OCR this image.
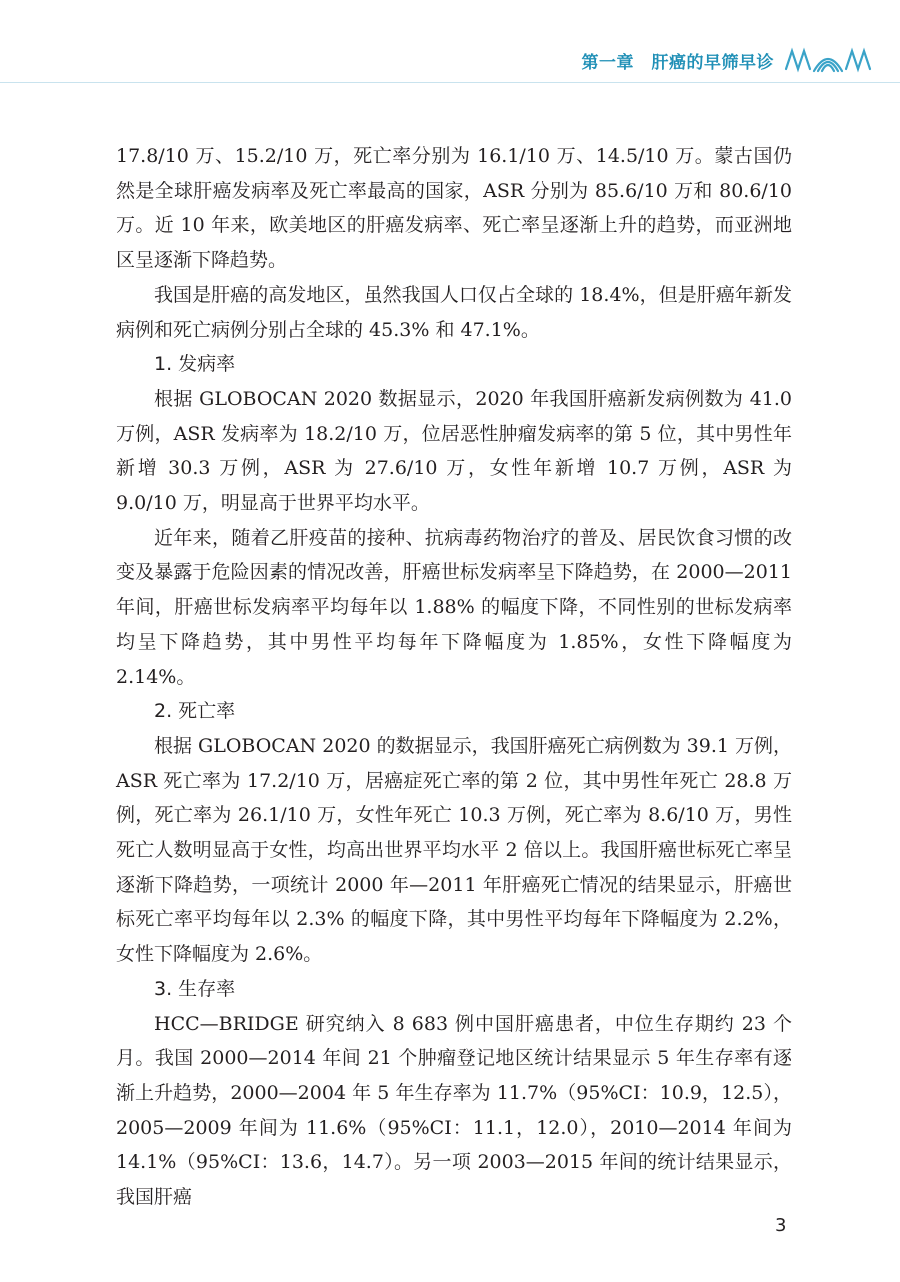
第一章　肝癌的早筛早诊

17.8/10 万、15.2/10 万，死亡率分别为 16.1/10 万、14.5/10 万。蒙古国仍然是全球肝癌发病率及死亡率最高的国家，ASR 分别为 85.6/10 万和 80.6/10 万。近 10 年来，欧美地区的肝癌发病率、死亡率呈逐渐上升的趋势，而亚洲地区呈逐渐下降趋势。

我国是肝癌的高发地区，虽然我国人口仅占全球的 18.4%，但是肝癌年新发病例和死亡病例分别占全球的 45.3% 和 47.1%。

1. 发病率

根据 GLOBOCAN 2020 数据显示，2020 年我国肝癌新发病例数为 41.0 万例，ASR 发病率为 18.2/10 万，位居恶性肿瘤发病率的第 5 位，其中男性年新增 30.3 万例，ASR 为 27.6/10 万，女性年新增 10.7 万例，ASR 为 9.0/10 万，明显高于世界平均水平。

近年来，随着乙肝疫苗的接种、抗病毒药物治疗的普及、居民饮食习惯的改变及暴露于危险因素的情况改善，肝癌世标发病率呈下降趋势，在 2000—2011 年间，肝癌世标发病率平均每年以 1.88% 的幅度下降，不同性别的世标发病率均呈下降趋势，其中男性平均每年下降幅度为 1.85%，女性下降幅度为 2.14%。

2. 死亡率

根据 GLOBOCAN 2020 的数据显示，我国肝癌死亡病例数为 39.1 万例，ASR 死亡率为 17.2/10 万，居癌症死亡率的第 2 位，其中男性年死亡 28.8 万例，死亡率为 26.1/10 万，女性年死亡 10.3 万例，死亡率为 8.6/10 万，男性死亡人数明显高于女性，均高出世界平均水平 2 倍以上。我国肝癌世标死亡率呈逐渐下降趋势，一项统计 2000 年—2011 年肝癌死亡情况的结果显示，肝癌世标死亡率平均每年以 2.3% 的幅度下降，其中男性平均每年下降幅度为 2.2%，女性下降幅度为 2.6%。

3. 生存率

HCC—BRIDGE 研究纳入 8 683 例中国肝癌患者，中位生存期约 23 个月。我国 2000—2014 年间 21 个肿瘤登记地区统计结果显示 5 年生存率有逐渐上升趋势，2000—2004 年 5 年生存率为 11.7%（95%CI：10.9，12.5），2005—2009 年间为 11.6%（95%CI：11.1，12.0），2010—2014 年间为 14.1%（95%CI：13.6，14.7）。另一项 2003—2015 年间的统计结果显示，我国肝癌

3
